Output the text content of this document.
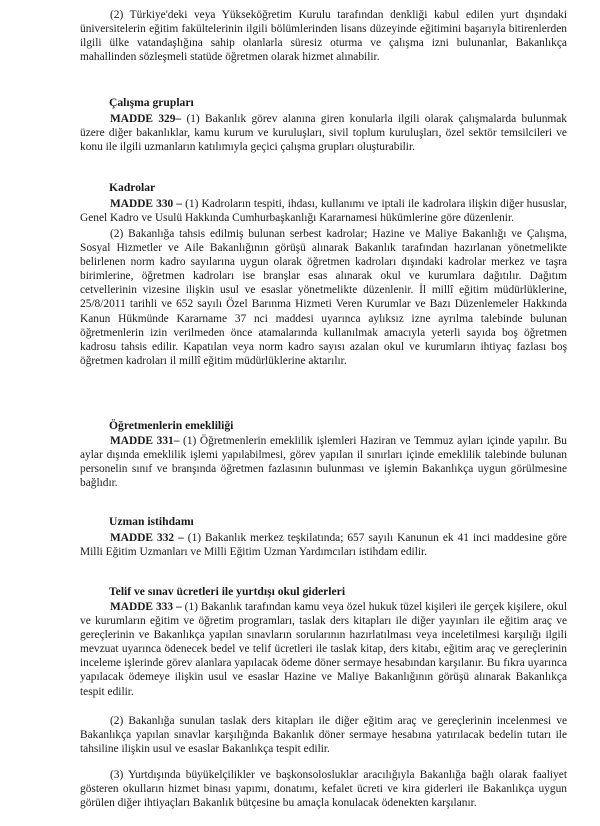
(2) Türkiye'deki veya Yükseköğretim Kurulu tarafından denkliği kabul edilen yurt dışındaki üniversitelerin eğitim fakültelerinin ilgili bölümlerinden lisans düzeyinde eğitimini başarıyla bitirenlerden ilgili ülke vatandaşlığına sahip olanlarla süresiz oturma ve çalışma izni bulunanlar, Bakanlıkça mahallinden sözleşmeli statüde öğretmen olarak hizmet alınabilir.

Çalışma grupları

MADDE 329– (1) Bakanlık görev alanına giren konularla ilgili olarak çalışmalarda bulunmak üzere diğer bakanlıklar, kamu kurum ve kuruluşları, sivil toplum kuruluşları, özel sektör temsilcileri ve konu ile ilgili uzmanların katılımıyla geçici çalışma grupları oluşturabilir.

Kadrolar

MADDE 330 – (1) Kadroların tespiti, ihdası, kullanımı ve iptali ile kadrolara ilişkin diğer hususlar, Genel Kadro ve Usulü Hakkında Cumhurbaşkanlığı Kararnamesi hükümlerine göre düzenlenir.

(2) Bakanlığa tahsis edilmiş bulunan serbest kadrolar; Hazine ve Maliye Bakanlığı ve Çalışma, Sosyal Hizmetler ve Aile Bakanlığının görüşü alınarak Bakanlık tarafından hazırlanan yönetmelikte belirlenen norm kadro sayılarına uygun olarak öğretmen kadroları dışındaki kadrolar merkez ve taşra birimlerine, öğretmen kadroları ise branşlar esas alınarak okul ve kurumlara dağıtılır. Dağıtım cetvellerinin vizesine ilişkin usul ve esaslar yönetmelikte düzenlenir. İl millî eğitim müdürlüklerine, 25/8/2011 tarihli ve 652 sayılı Özel Barınma Hizmeti Veren Kurumlar ve Bazı Düzenlemeler Hakkında Kanun Hükmünde Kararname 37 nci maddesi uyarınca aylıksız izne ayrılma talebinde bulunan öğretmenlerin izin verilmeden önce atamalarında kullanılmak amacıyla yeterli sayıda boş öğretmen kadrosu tahsis edilir. Kapatılan veya norm kadro sayısı azalan okul ve kurumların ihtiyaç fazlası boş öğretmen kadroları il millî eğitim müdürlüklerine aktarılır.

Öğretmenlerin emekliliği

MADDE 331– (1) Öğretmenlerin emeklilik işlemleri Haziran ve Temmuz ayları içinde yapılır. Bu aylar dışında emeklilik işlemi yapılabilmesi, görev yapılan il sınırları içinde emeklilik talebinde bulunan personelin sınıf ve branşında öğretmen fazlasının bulunması ve işlemin Bakanlıkça uygun görülmesine bağlıdır.

Uzman istihdamı

MADDE 332 – (1) Bakanlık merkez teşkilatında; 657 sayılı Kanunun ek 41 inci maddesine göre Milli Eğitim Uzmanları ve Milli Eğitim Uzman Yardımcıları istihdam edilir.

Telif ve sınav ücretleri ile yurtdışı okul giderleri

MADDE 333 – (1) Bakanlık tarafından kamu veya özel hukuk tüzel kişileri ile gerçek kişilere, okul ve kurumların eğitim ve öğretim programları, taslak ders kitapları ile diğer yayınları ile eğitim araç ve gereçlerinin ve Bakanlıkça yapılan sınavların sorularının hazırlatılması veya inceletilmesi karşılığı ilgili mevzuat uyarınca ödenecek bedel ve telif ücretleri ile taslak kitap, ders kitabı, eğitim araç ve gereçlerinin inceleme işlerinde görev alanlara yapılacak ödeme döner sermaye hesabından karşılanır. Bu fıkra uyarınca yapılacak ödemeye ilişkin usul ve esaslar Hazine ve Maliye Bakanlığının görüşü alınarak Bakanlıkça tespit edilir.

(2) Bakanlığa sunulan taslak ders kitapları ile diğer eğitim araç ve gereçlerinin incelenmesi ve Bakanlıkça yapılan sınavlar karşılığında Bakanlık döner sermaye hesabına yatırılacak bedelin tutarı ile tahsiline ilişkin usul ve esaslar Bakanlıkça tespit edilir.

(3) Yurtdışında büyükelçilikler ve başkonsolosluklar aracılığıyla Bakanlığa bağlı olarak faaliyet gösteren okulların hizmet binası yapımı, donatımı, kefalet ücreti ve kira giderleri ile Bakanlıkça uygun görülen diğer ihtiyaçları Bakanlık bütçesine bu amaçla konulacak ödenekten karşılanır.
